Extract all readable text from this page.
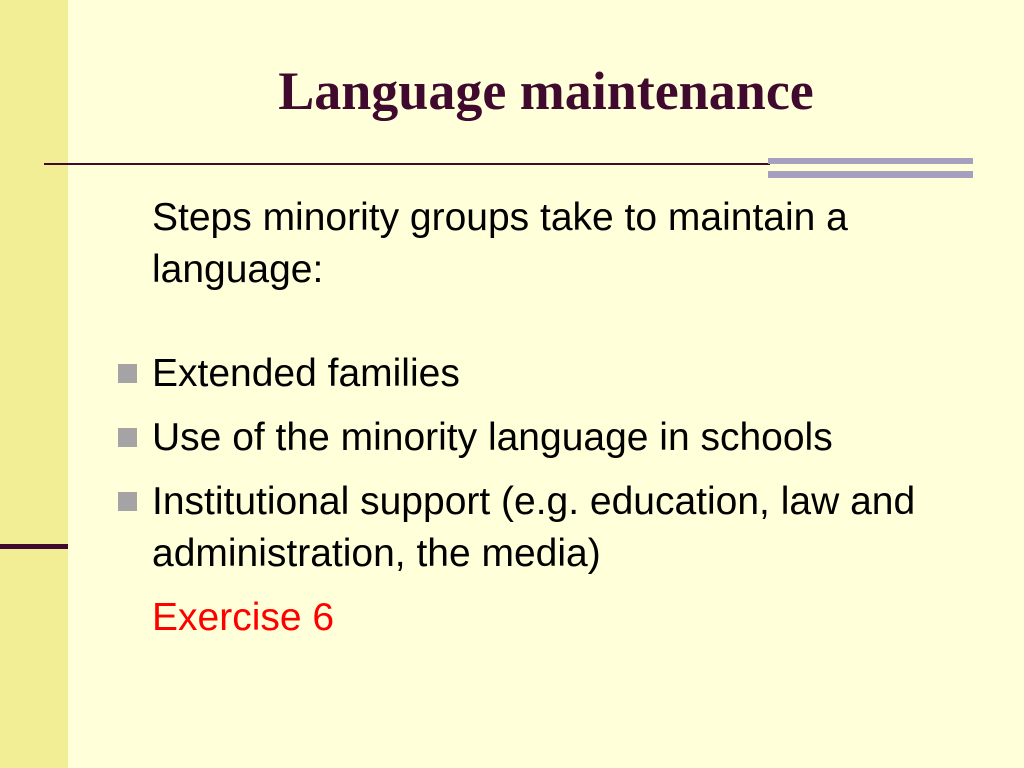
Language maintenance

Steps minority groups take to maintain a language:

Extended families
Use of the minority language in schools
Institutional support (e.g. education, law and administration, the media)

Exercise 6
